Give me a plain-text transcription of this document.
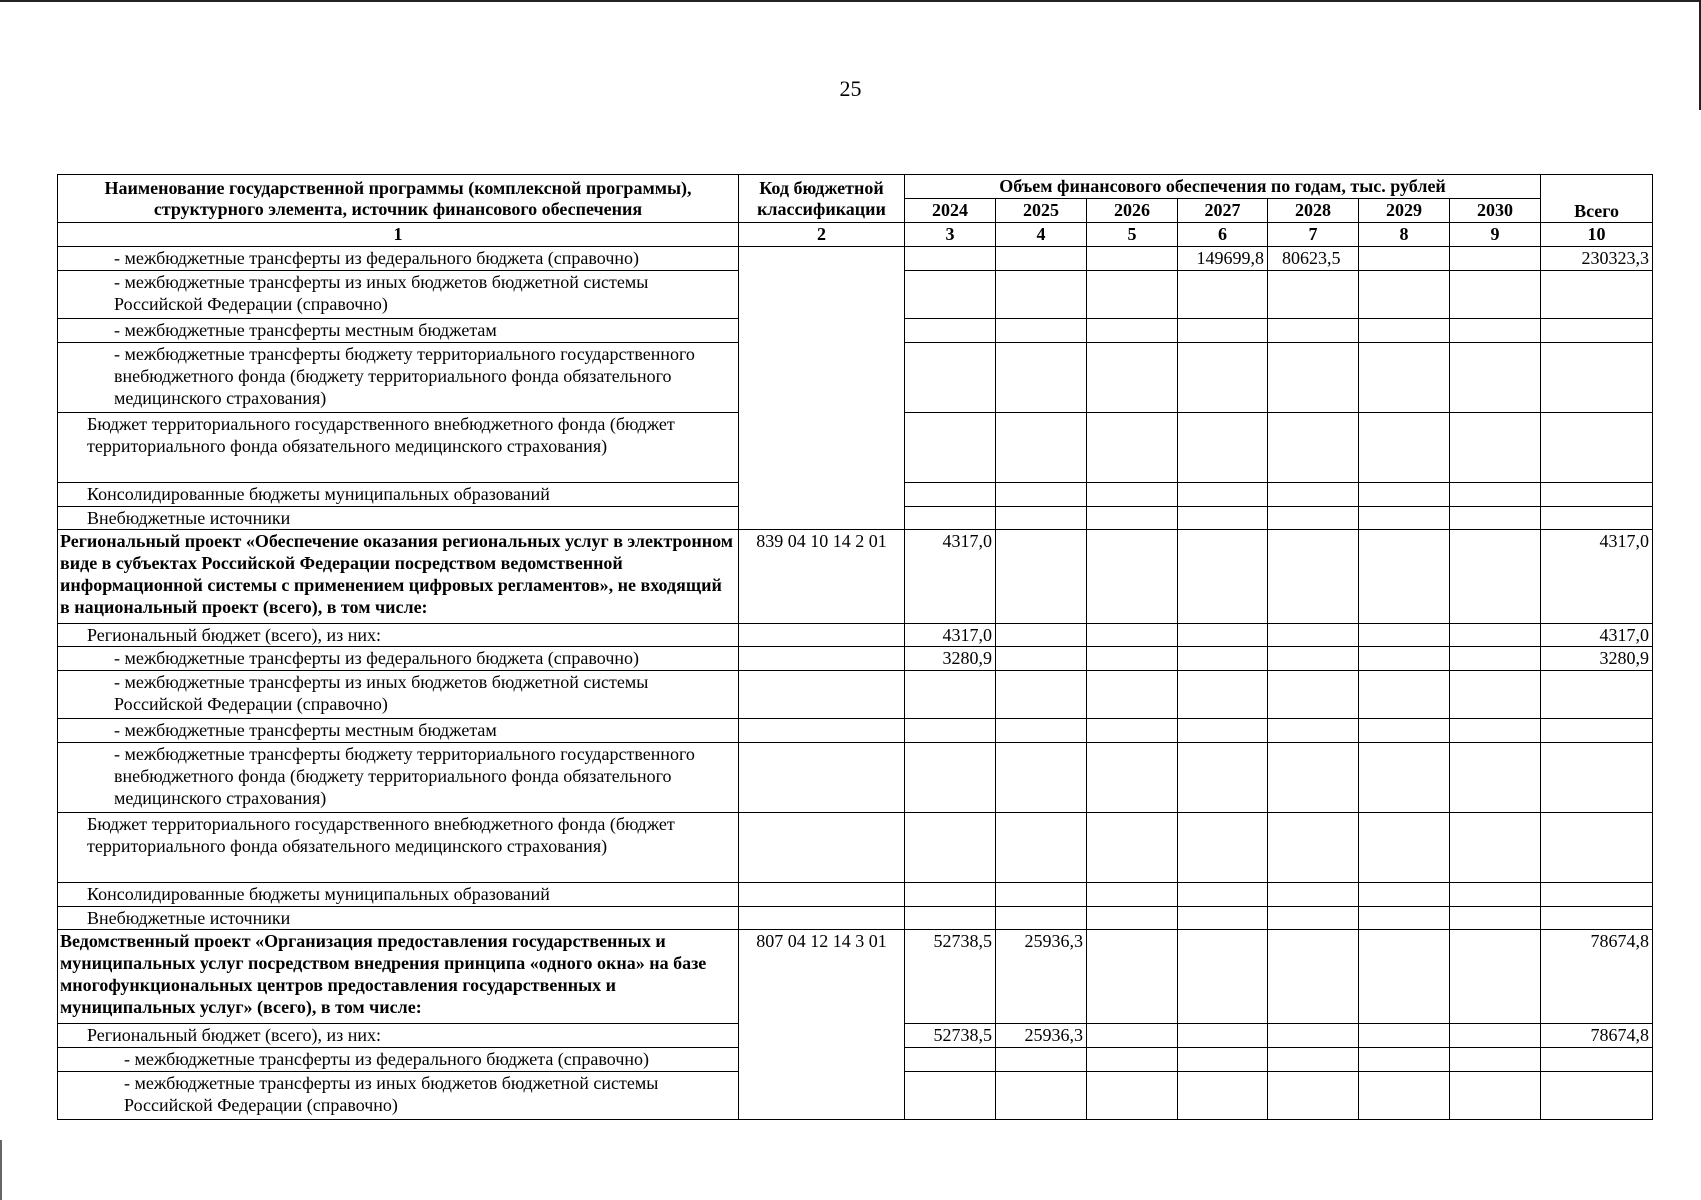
25
Наименование государственной программы (комплексной программы), структурного элемента, источник финансового обеспечения	Код бюджетной классификации	Объем финансового обеспечения по годам, тыс. рублей							Всего
		2024	2025	2026	2027	2028	2029	2030	
1	2	3	4	5	6	7	8	9	10
- межбюджетные трансферты из федерального бюджета (справочно)					149699,8	80623,5			230323,3
- межбюджетные трансферты из иных бюджетов бюджетной системы Российской Федерации (справочно)									
- межбюджетные трансферты местным бюджетам									
- межбюджетные трансферты бюджету территориального государственного внебюджетного фонда (бюджету территориального фонда обязательного медицинского страхования)									
Бюджет территориального государственного внебюджетного фонда (бюджет территориального фонда обязательного медицинского страхования)									
Консолидированные бюджеты муниципальных образований									
Внебюджетные источники									
Региональный проект «Обеспечение оказания региональных услуг в электронном виде в субъектах Российской Федерации посредством ведомственной информационной системы с применением цифровых регламентов», не входящий в национальный проект (всего), в том числе:	839 04 10 14 2 01	4317,0							4317,0
Региональный бюджет (всего), из них:		4317,0							4317,0
- межбюджетные трансферты из федерального бюджета (справочно)		3280,9							3280,9
- межбюджетные трансферты из иных бюджетов бюджетной системы Российской Федерации (справочно)									
- межбюджетные трансферты местным бюджетам									
- межбюджетные трансферты бюджету территориального государственного внебюджетного фонда (бюджету территориального фонда обязательного медицинского страхования)									
Бюджет территориального государственного внебюджетного фонда (бюджет территориального фонда обязательного медицинского страхования)									
Консолидированные бюджеты муниципальных образований									
Внебюджетные источники									
Ведомственный проект «Организация предоставления государственных и муниципальных услуг посредством внедрения принципа «одного окна» на базе многофункциональных центров предоставления государственных и муниципальных услуг» (всего), в том числе:	807 04 12 14 3 01	52738,5	25936,3						78674,8
Региональный бюджет (всего), из них:		52738,5	25936,3						78674,8
- межбюджетные трансферты из федерального бюджета (справочно)									
- межбюджетные трансферты из иных бюджетов бюджетной системы Российской Федерации (справочно)									
